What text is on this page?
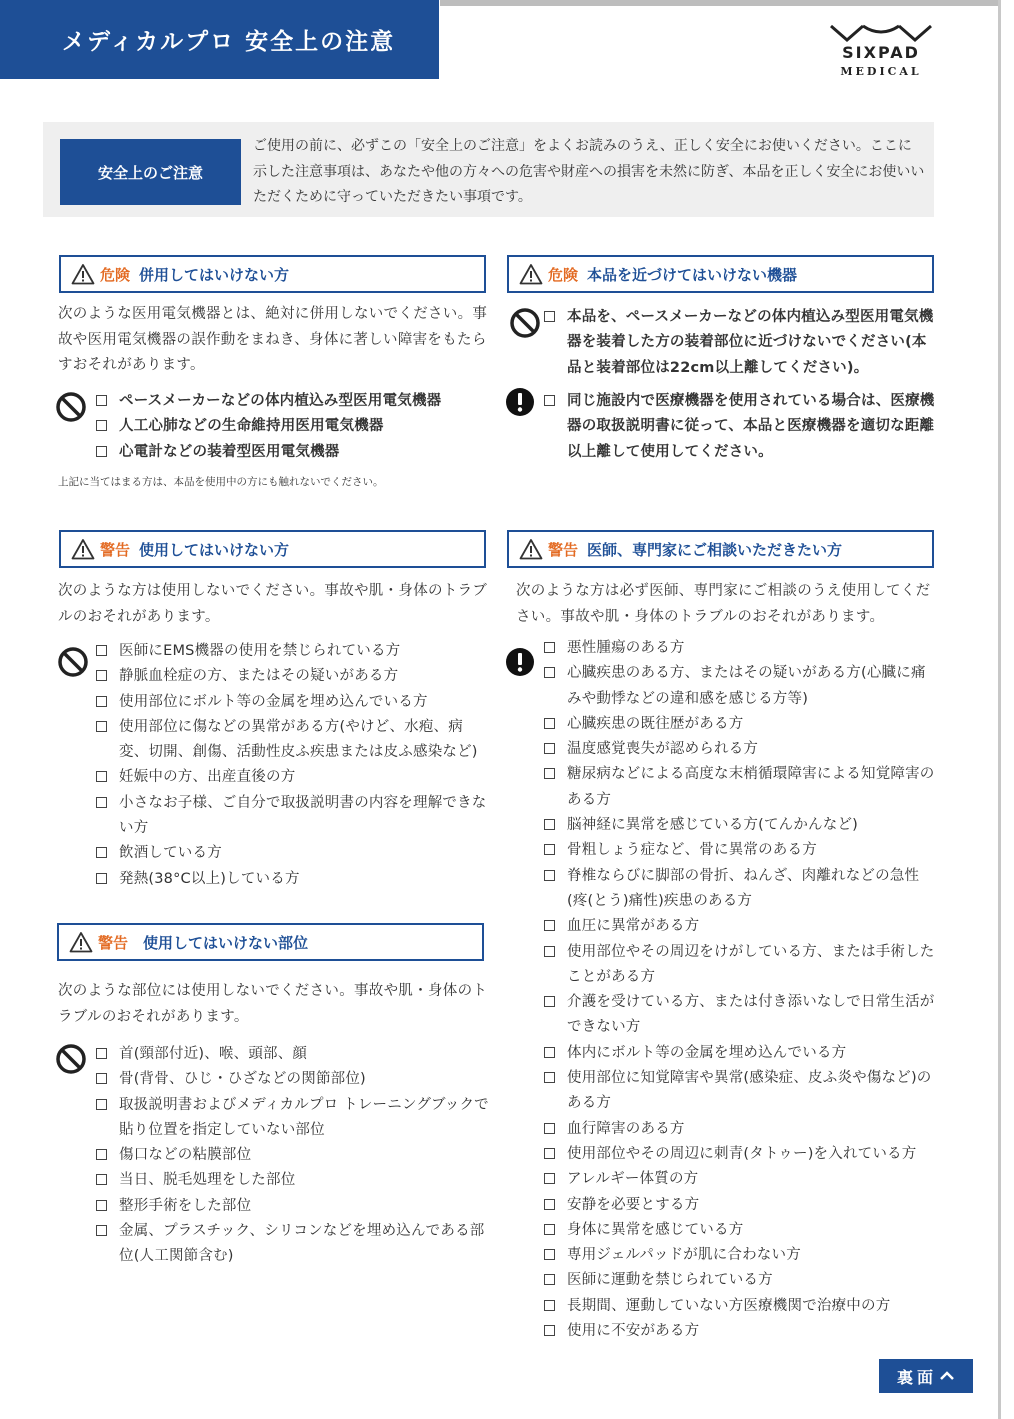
メディカルプロ 安全上の注意	SIXPAD
MEDICAL
安全上のご注意
ご使用の前に、必ずこの「安全上のご注意」をよくお読みのうえ、正しく安全にお使いください。ここに示した注意事項は、あなたや他の方々への危害や財産への損害を未然に防ぎ、本品を正しく安全にお使いいただくために守っていただきたい事項です。
危険 併用してはいけない方
次のような医用電気機器とは、絶対に併用しないでください。事故や医用電気機器の誤作動をまねき、身体に著しい障害をもたらすおそれがあります。
ペースメーカーなどの体内植込み型医用電気機器
人工心肺などの生命維持用医用電気機器
心電計などの装着型医用電気機器
上記に当てはまる方は、本品を使用中の方にも触れないでください。
危険 本品を近づけてはいけない機器
本品を、ペースメーカーなどの体内植込み型医用電気機器を装着した方の装着部位に近づけないでください(本品と装着部位は22cm以上離してください)。
同じ施設内で医療機器を使用されている場合は、医療機器の取扱説明書に従って、本品と医療機器を適切な距離以上離して使用してください。
警告 使用してはいけない方
次のような方は使用しないでください。事故や肌・身体のトラブルのおそれがあります。
医師にEMS機器の使用を禁じられている方
静脈血栓症の方、またはその疑いがある方
使用部位にボルト等の金属を埋め込んでいる方
使用部位に傷などの異常がある方(やけど、水疱、病変、切開、創傷、活動性皮ふ疾患または皮ふ感染など)
妊娠中の方、出産直後の方
小さなお子様、ご自分で取扱説明書の内容を理解できない方
飲酒している方
発熱(38°C以上)している方
警告 使用してはいけない部位
次のような部位には使用しないでください。事故や肌・身体のトラブルのおそれがあります。
首(頸部付近)、喉、頭部、顔
骨(背骨、ひじ・ひざなどの関節部位)
取扱説明書およびメディカルプロ トレーニングブックで貼り位置を指定していない部位
傷口などの粘膜部位
当日、脱毛処理をした部位
整形手術をした部位
金属、プラスチック、シリコンなどを埋め込んである部位(人工関節含む)
警告 医師、専門家にご相談いただきたい方
次のような方は必ず医師、専門家にご相談のうえ使用してください。事故や肌・身体のトラブルのおそれがあります。
悪性腫瘍のある方
心臓疾患のある方、またはその疑いがある方(心臓に痛みや動悸などの違和感を感じる方等)
心臓疾患の既往歴がある方
温度感覚喪失が認められる方
糖尿病などによる高度な末梢循環障害による知覚障害のある方
脳神経に異常を感じている方(てんかんなど)
骨粗しょう症など、骨に異常のある方
脊椎ならびに脚部の骨折、ねんざ、肉離れなどの急性(疼(とう)痛性)疾患のある方
血圧に異常がある方
使用部位やその周辺をけがしている方、または手術したことがある方
介護を受けている方、または付き添いなしで日常生活ができない方
体内にボルト等の金属を埋め込んでいる方
使用部位に知覚障害や異常(感染症、皮ふ炎や傷など)のある方
血行障害のある方
使用部位やその周辺に刺青(タトゥー)を入れている方
アレルギー体質の方
安静を必要とする方
身体に異常を感じている方
専用ジェルパッドが肌に合わない方
医師に運動を禁じられている方
長期間、運動していない方医療機関で治療中の方
使用に不安がある方
裏面
